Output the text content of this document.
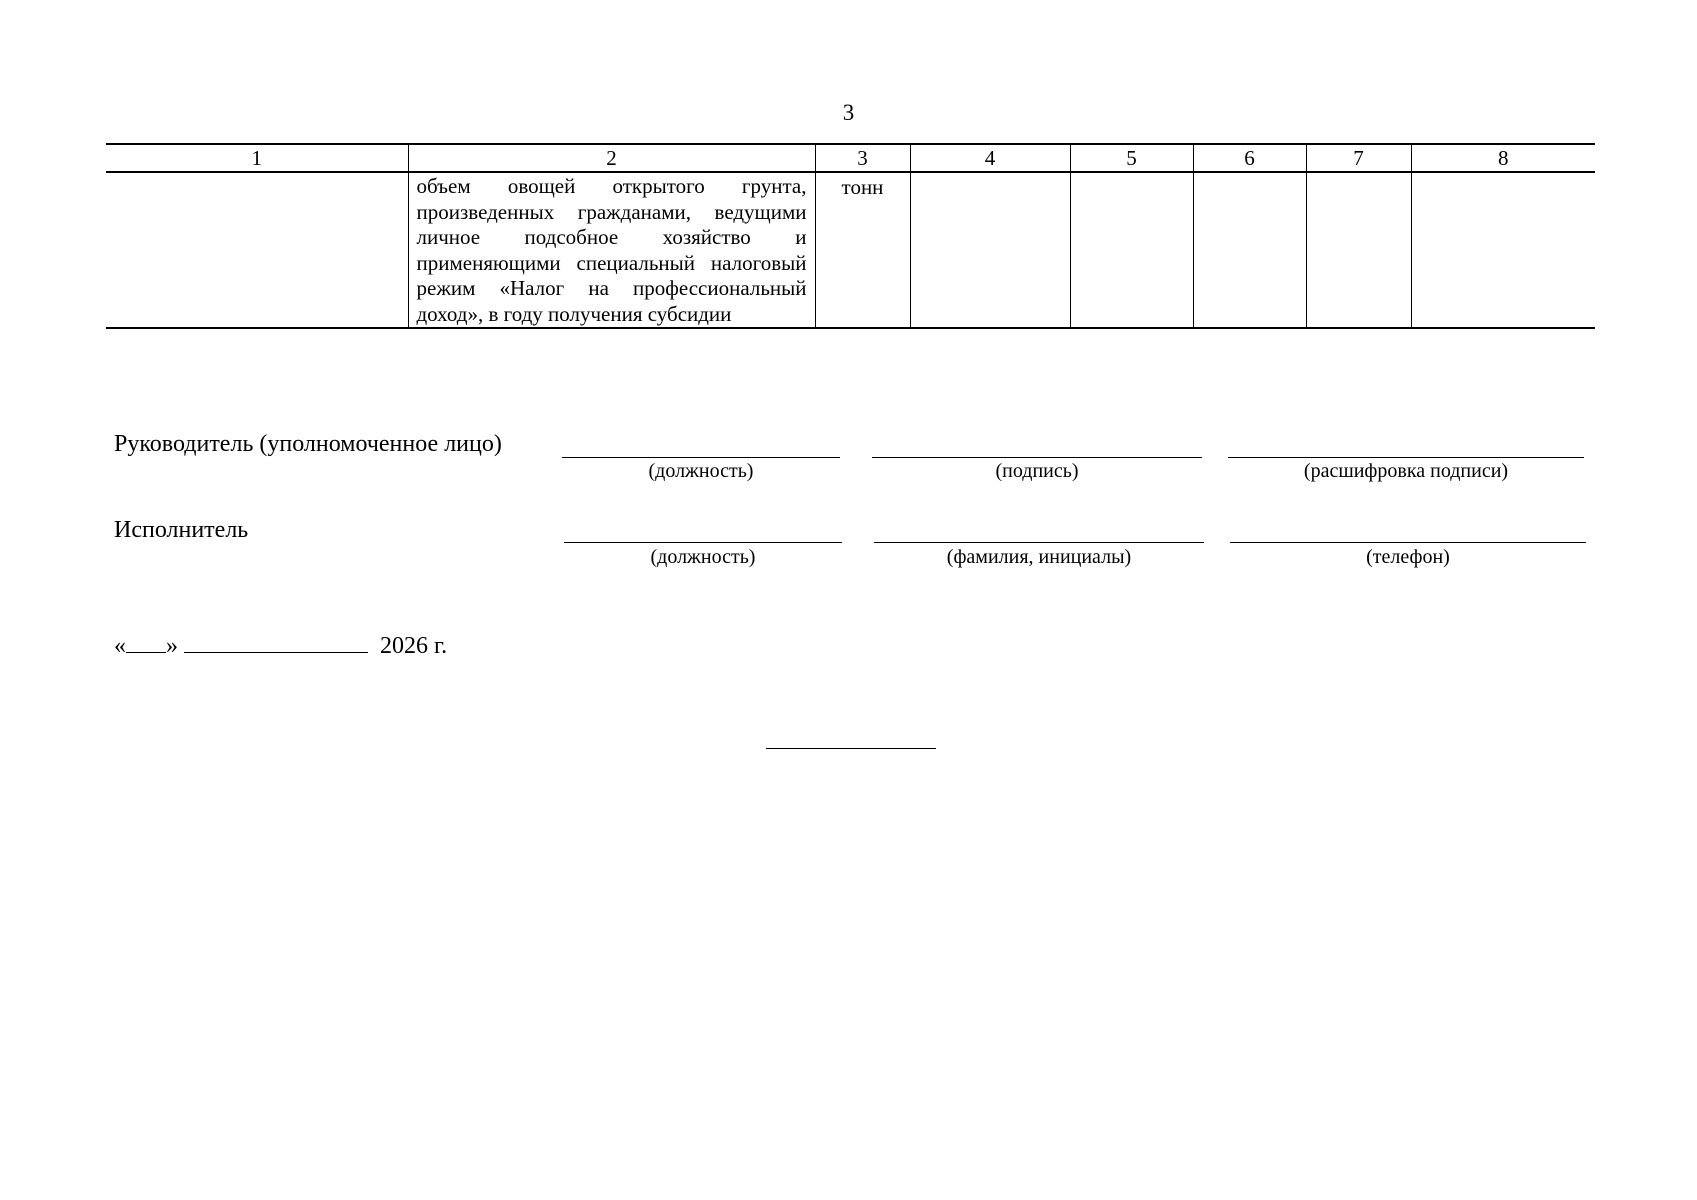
3
1	2	3	4	5	6	7	8

	объем овощей открытого грунта, произведенных гражданами, ведущими личное подсобное хозяйство и применяющими специальный налоговый режим «Налог на профессиональный доход», в году получения субсидии	тонн					

Руководитель (уполномоченное лицо)
(должность)	(подпись)	(расшифровка подписи)
Исполнитель
(должность)	(фамилия, инициалы)	(телефон)
« »	2026 г.
